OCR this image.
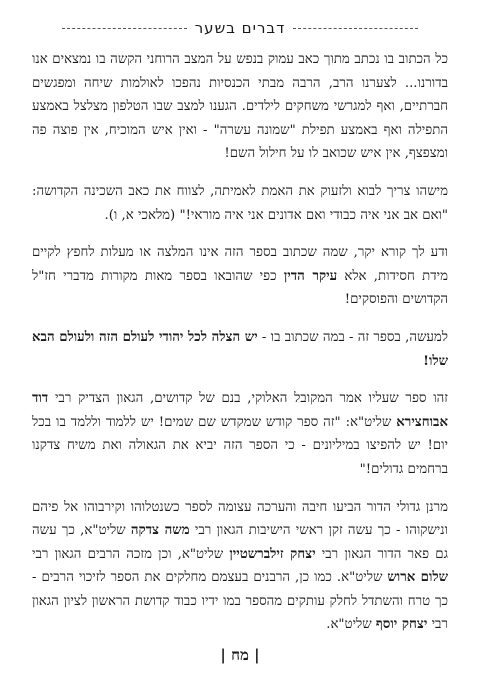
דברים בשער

כל הכתוב בו נכתב מתוך כאב עמוק בנפש על המצב הרוחני הקשה בו נמצאים אנו בדורנו... לצערנו הרב, הרבה מבתי הכנסיות נהפכו לאולמות שיחה ומפגשים חברתיים, ואף למגרשי משחקים לילדים. הגענו למצב שבו הטלפון מצלצל באמצע התפילה ואף באמצע תפילת "שמונה עשרה" - ואין איש המוכיח, אין פוצה פה ומצפצף, אין איש שכואב לו על חילול השם!

מישהו צריך לבוא ולזעוק את האמת לאמיתה, לצווח את כאב השכינה הקדושה: "ואם אב אני איה כבודי ואם אדונים אני איה מוראי!" (מלאכי א, ו).

ודע לך קורא יקר, שמה שכתוב בספר הזה אינו המלצה או מעלות לחפץ לקיים מידת חסידות, אלא עיקר הדין כפי שהובאו בספר מאות מקורות מדברי חז"ל הקדושים והפוסקים!

למעשה, בספר זה - במה שכתוב בו - יש הצלה לכל יהודי לעולם הזה ולעולם הבא שלו!

זהו ספר שעליו אמר המקובל האלוקי, בנם של קדושים, הגאון הצדיק רבי דוד אבוחצירא שליט"א: "זה ספר קודש שמקדש שם שמים! יש ללמוד וללמד בו בכל יום! יש להפיצו במיליונים - כי הספר הזה יביא את הגאולה ואת משיח צדקנו ברחמים גדולים!"

מרנן גדולי הדור הביעו חיבה והערכה עצומה לספר כשנטלוהו וקירבוהו אל פיהם ונישקוהו - כך עשה זקן ראשי הישיבות הגאון רבי משה צדקה שליט"א, כך עשה גם פאר הדור הגאון רבי יצחק זילברשטיין שליט"א, וכן מזכה הרבים הגאון רבי שלום ארוש שליט"א. כמו כן, הרבנים בעצמם מחלקים את הספר לזיכוי הרבים - כך טרח והשתדל לחלק עותקים מהספר במו ידיו כבוד קדושת הראשון לציון הגאון רבי יצחק יוסף שליט"א.

| מח |
